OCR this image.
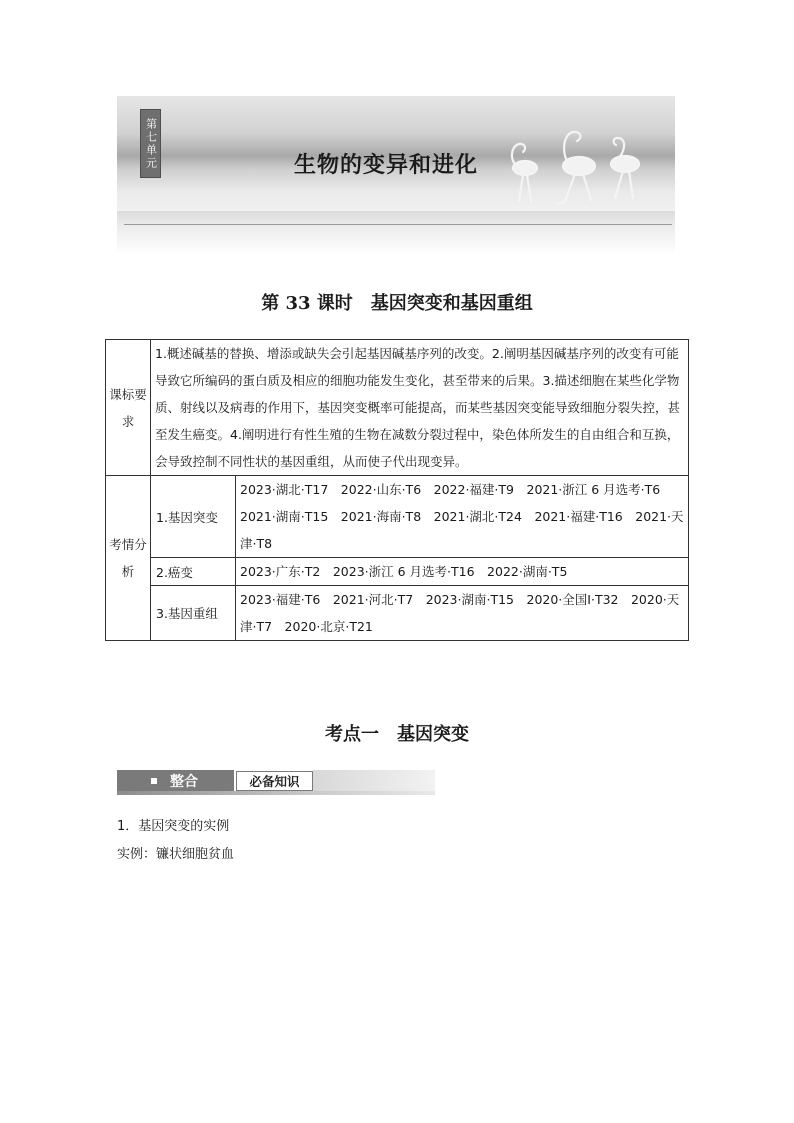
第七单元	生物的变异和进化
第 33 课时　基因突变和基因重组
课标要求	1.概述碱基的替换、增添或缺失会引起基因碱基序列的改变。2.阐明基因碱基序列的改变有可能导致它所编码的蛋白质及相应的细胞功能发生变化，甚至带来的后果。3.描述细胞在某些化学物质、射线以及病毒的作用下，基因突变概率可能提高，而某些基因突变能导致细胞分裂失控，甚至发生癌变。4.阐明进行有性生殖的生物在减数分裂过程中，染色体所发生的自由组合和互换，会导致控制不同性状的基因重组，从而使子代出现变异。	
考情分析	1.基因突变	2023·湖北·T17　2022·山东·T6　2022·福建·T9　2021·浙江 6 月选考·T6　2021·湖南·T15　2021·海南·T8　2021·湖北·T24　2021·福建·T16　2021·天津·T8
	2.癌变	2023·广东·T2　2023·浙江 6 月选考·T16　2022·湖南·T5
	3.基因重组	2023·福建·T6　2021·河北·T7　2023·湖南·T15　2020·全国Ⅰ·T32　2020·天津·T7　2020·北京·T21
考点一　基因突变
整合	必备知识
1．基因突变的实例
实例：镰状细胞贫血
